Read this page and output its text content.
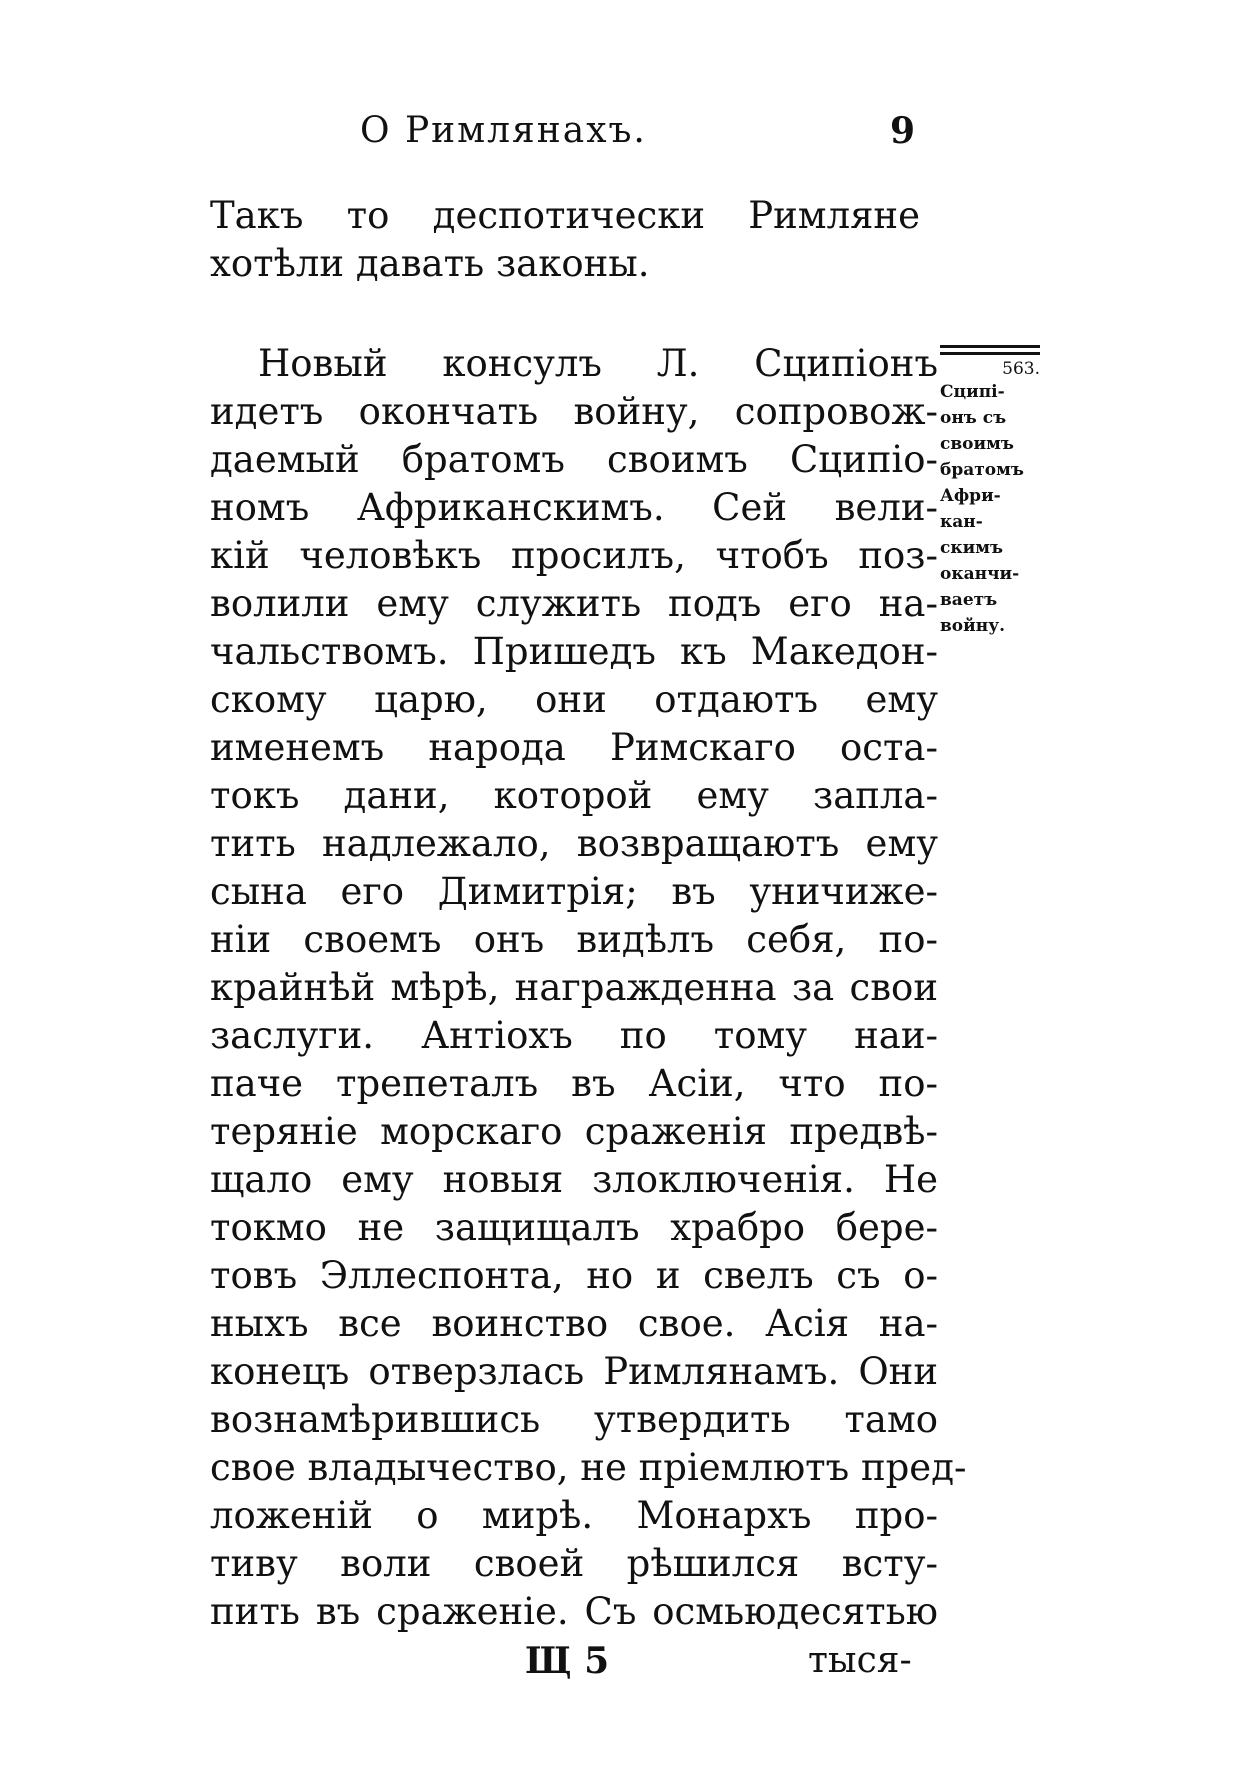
О Римлянахъ.	9
Такъ то деспотически Римляне
хотѣли давать законы.
Новый консулъ Л. Сципіонъ
идетъ окончать войну, сопровож-
даемый братомъ своимъ Сципіо-
номъ Африканскимъ. Сей вели-
кій человѣкъ просилъ, чтобъ поз-
волили ему служить подъ его на-
чальствомъ. Пришедъ къ Македон-
скому царю, они отдаютъ ему
именемъ народа Римскаго оста-
токъ дани, которой ему запла-
тить надлежало, возвращаютъ ему
сына его Димитрія; въ уничиже-
ніи своемъ онъ видѣлъ себя, по-
крайнѣй мѣрѣ, награжденна за свои
заслуги. Антіохъ по тому наи-
паче трепеталъ въ Асіи, что по-
теряніе морскаго сраженія предвѣ-
щало ему новыя злоключенія. Не
токмо не защищалъ храбро бере-
товъ Эллеспонта, но и свелъ съ о-
ныхъ все воинство свое. Асія на-
конецъ отверзлась Римлянамъ. Они
вознамѣрившись утвердить тамо
свое владычество, не пріемлютъ пред-
ложеній о мирѣ. Монархъ про-
тиву воли своей рѣшился всту-
пить въ сраженіе. Съ осмьюдесятью
563.
Сципі-
онъ съ
своимъ
братомъ
Афри-
кан-
скимъ
оканчи-
ваетъ
войну.
Щ 5	тыся-
